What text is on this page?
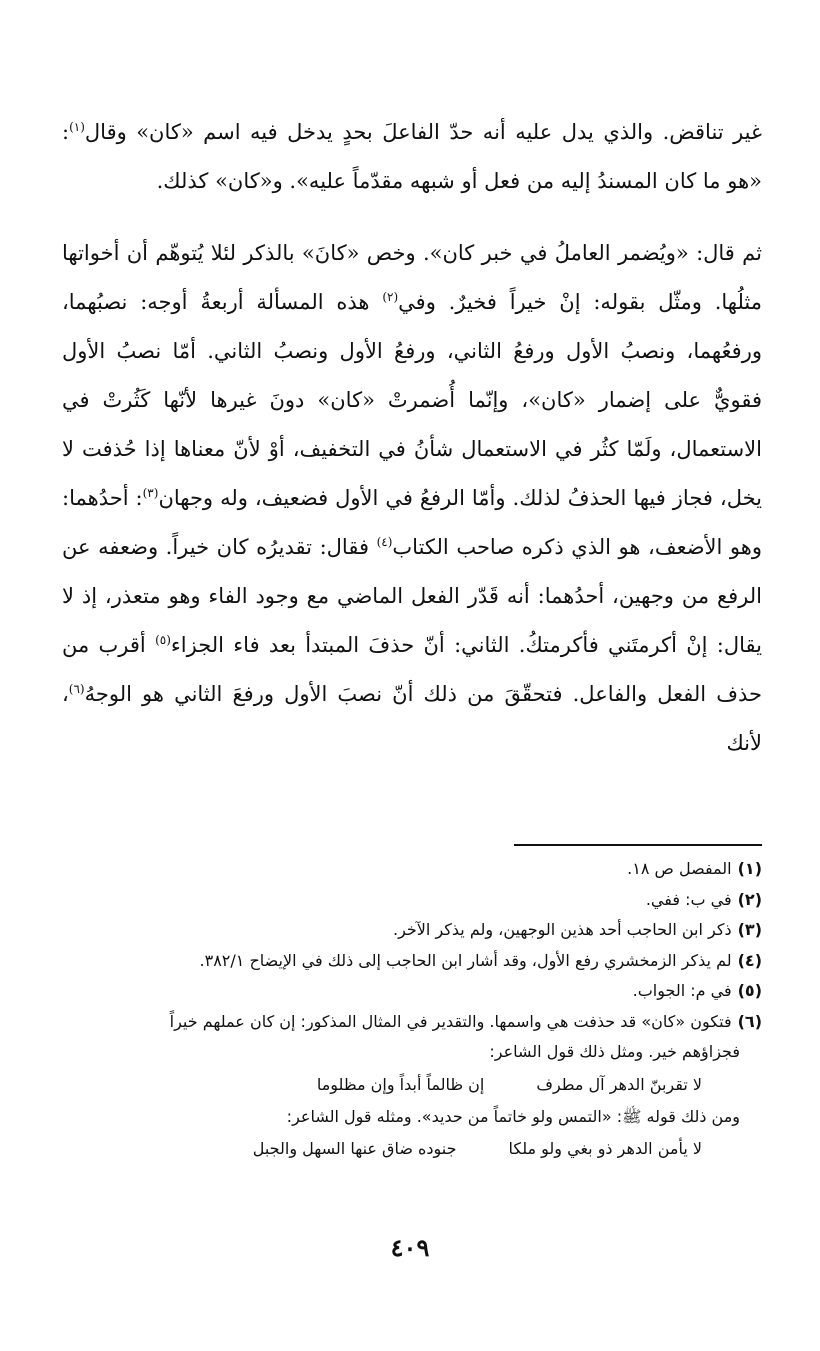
غير تناقض. والذي يدل عليه أنه حدّ الفاعلَ بحدٍ يدخل فيه اسم «كان» وقال$^{(١)}$: «هو ما كان المسندُ إليه من فعل أو شبهه مقدّماً عليه». و«كان» كذلك.

ثم قال: «ويُضمر العاملُ في خبر كان». وخص «كانَ» بالذكر لئلا يُتوهّم أن أخواتها مثلُها. ومثّل بقوله: إنْ خيراً فخيرٌ. وفي$^{(٢)}$ هذه المسألة أربعةُ أوجه: نصبُهما، ورفعُهما، ونصبُ الأول ورفعُ الثاني، ورفعُ الأول ونصبُ الثاني. أمّا نصبُ الأول فقويٌّ على إضمار «كان»، وإنّما أُضمرتْ «كان» دونَ غيرها لأنّها كَثُرتْ في الاستعمال، ولَمّا كثُر في الاستعمال شأنُ في التخفيف، أوْ لأنّ معناها إذا حُذفت لا يخل، فجاز فيها الحذفُ لذلك. وأمّا الرفعُ في الأول فضعيف، وله وجهان$^{(٣)}$: أحدُهما: وهو الأضعف، هو الذي ذكره صاحب الكتاب$^{(٤)}$ فقال: تقديرُه كان خيراً. وضعفه عن الرفع من وجهين، أحدُهما: أنه قَدّر الفعل الماضي مع وجود الفاء وهو متعذر، إذ لا يقال: إنْ أكرمتَني فأكرمتكُ. الثاني: أنّ حذفَ المبتدأ بعد فاء الجزاء$^{(٥)}$ أقرب من حذف الفعل والفاعل. فتحقّقَ من ذلك أنّ نصبَ الأول ورفعَ الثاني هو الوجهُ$^{(٦)}$، لأنك

(١)المفصل ص ١٨.

(٢)في ب: ففي.

(٣)ذكر ابن الحاجب أحد هذين الوجهين، ولم يذكر الآخر.

(٤)لم يذكر الزمخشري رفع الأول، وقد أشار ابن الحاجب إلى ذلك في الإيضاح ٣٨٢/١.

(٥)في م: الجواب.

(٦)فتكون «كان» قد حذفت هي واسمها. والتقدير في المثال المذكور: إن كان عملهم خيراً

فجزاؤهم خير. ومثل ذلك قول الشاعر:

لا تقربنّ الدهر آل مطرف
إن ظالماً أبداً وإن مظلوما

ومن ذلك قوله ﷺ: «التمس ولو خاتماً من حديد». ومثله قول الشاعر:

لا يأمن الدهر ذو بغي ولو ملكا
جنوده ضاق عنها السهل والجبل
٤٠٩
